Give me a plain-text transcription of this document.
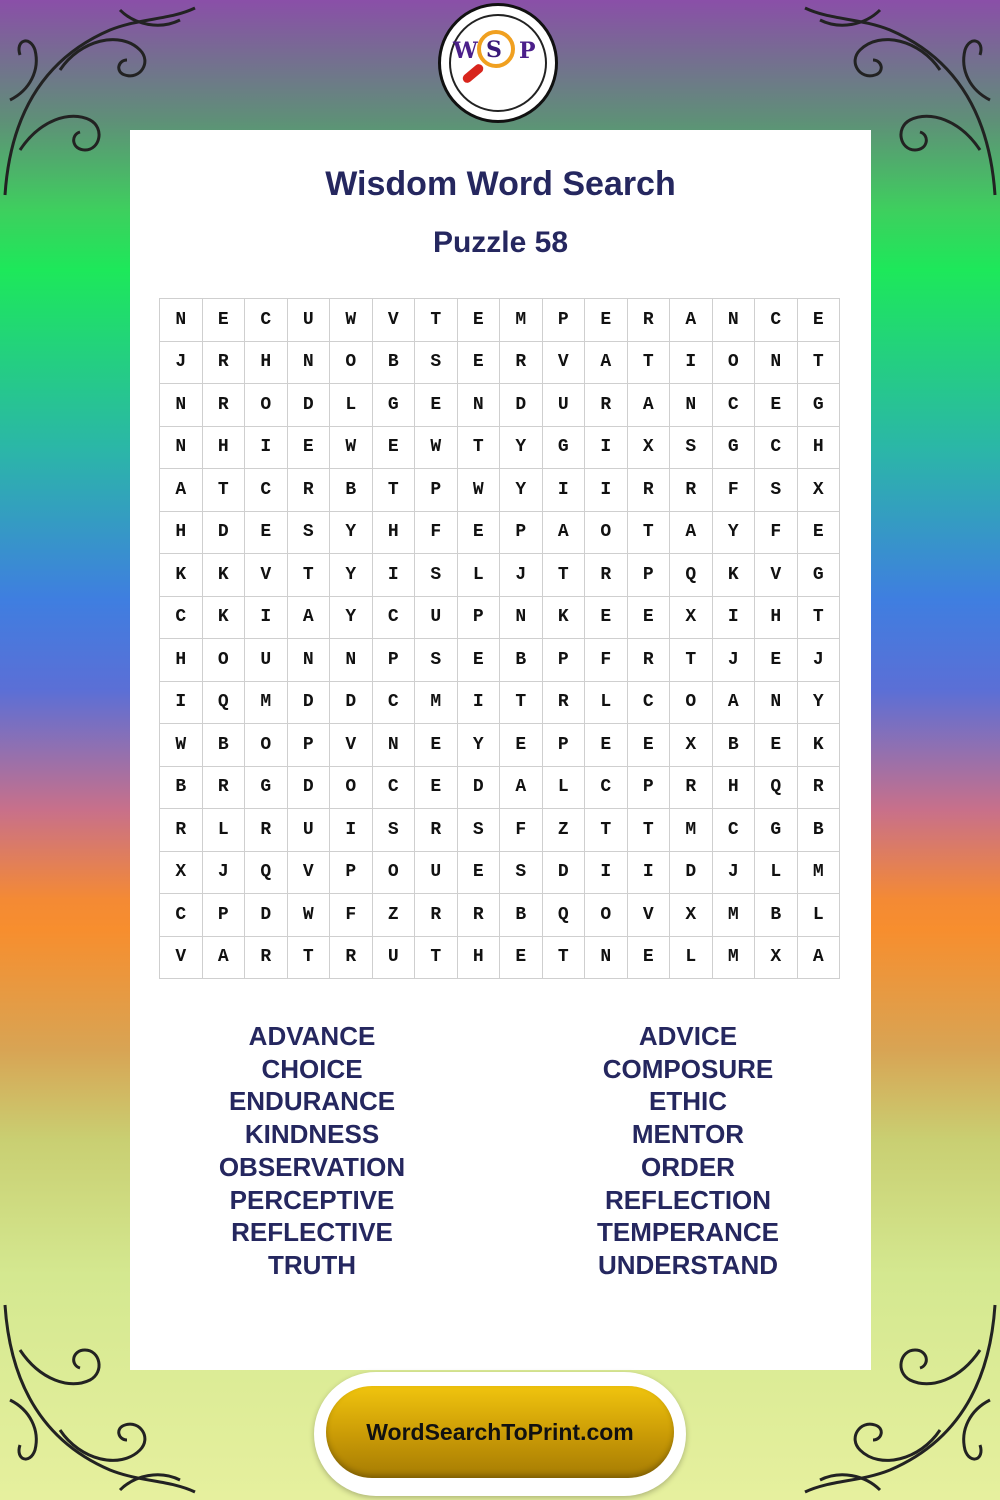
W S P
Wisdom Word Search
Puzzle 58
N	E	C	U	W	V	T	E	M	P	E	R	A	N	C	E
J	R	H	N	O	B	S	E	R	V	A	T	I	O	N	T
N	R	O	D	L	G	E	N	D	U	R	A	N	C	E	G
N	H	I	E	W	E	W	T	Y	G	I	X	S	G	C	H
A	T	C	R	B	T	P	W	Y	I	I	R	R	F	S	X
H	D	E	S	Y	H	F	E	P	A	O	T	A	Y	F	E
K	K	V	T	Y	I	S	L	J	T	R	P	Q	K	V	G
C	K	I	A	Y	C	U	P	N	K	E	E	X	I	H	T
H	O	U	N	N	P	S	E	B	P	F	R	T	J	E	J
I	Q	M	D	D	C	M	I	T	R	L	C	O	A	N	Y
W	B	O	P	V	N	E	Y	E	P	E	E	X	B	E	K
B	R	G	D	O	C	E	D	A	L	C	P	R	H	Q	R
R	L	R	U	I	S	R	S	F	Z	T	T	M	C	G	B
X	J	Q	V	P	O	U	E	S	D	I	I	D	J	L	M
C	P	D	W	F	Z	R	R	B	Q	O	V	X	M	B	L
V	A	R	T	R	U	T	H	E	T	N	E	L	M	X	A
ADVANCE
CHOICE
ENDURANCE
KINDNESS
OBSERVATION
PERCEPTIVE
REFLECTIVE
TRUTH
ADVICE
COMPOSURE
ETHIC
MENTOR
ORDER
REFLECTION
TEMPERANCE
UNDERSTAND
WordSearchToPrint.com
